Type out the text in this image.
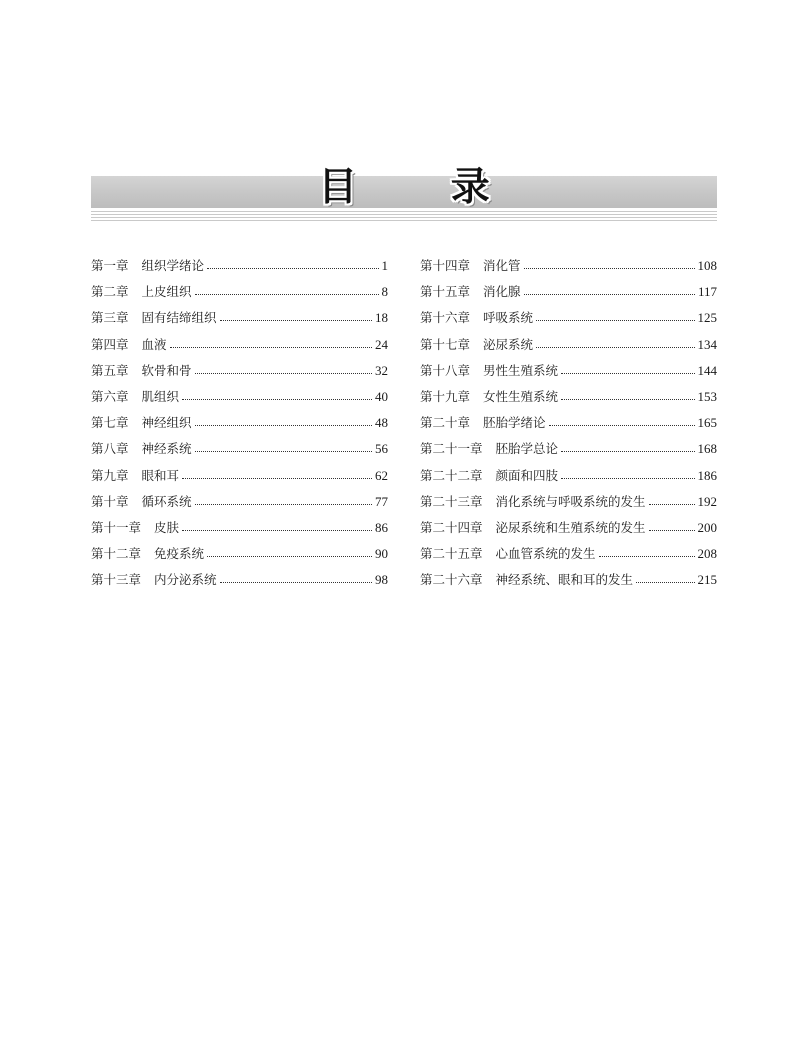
目 录
第一章 组织学绪论	1
第二章 上皮组织	8
第三章 固有结缔组织	18
第四章 血液	24
第五章 软骨和骨	32
第六章 肌组织	40
第七章 神经组织	48
第八章 神经系统	56
第九章 眼和耳	62
第十章 循环系统	77
第十一章 皮肤	86
第十二章 免疫系统	90
第十三章 内分泌系统	98
第十四章 消化管	108
第十五章 消化腺	117
第十六章 呼吸系统	125
第十七章 泌尿系统	134
第十八章 男性生殖系统	144
第十九章 女性生殖系统	153
第二十章 胚胎学绪论	165
第二十一章 胚胎学总论	168
第二十二章 颜面和四肢	186
第二十三章 消化系统与呼吸系统的发生	192
第二十四章 泌尿系统和生殖系统的发生	200
第二十五章 心血管系统的发生	208
第二十六章 神经系统、眼和耳的发生	215
